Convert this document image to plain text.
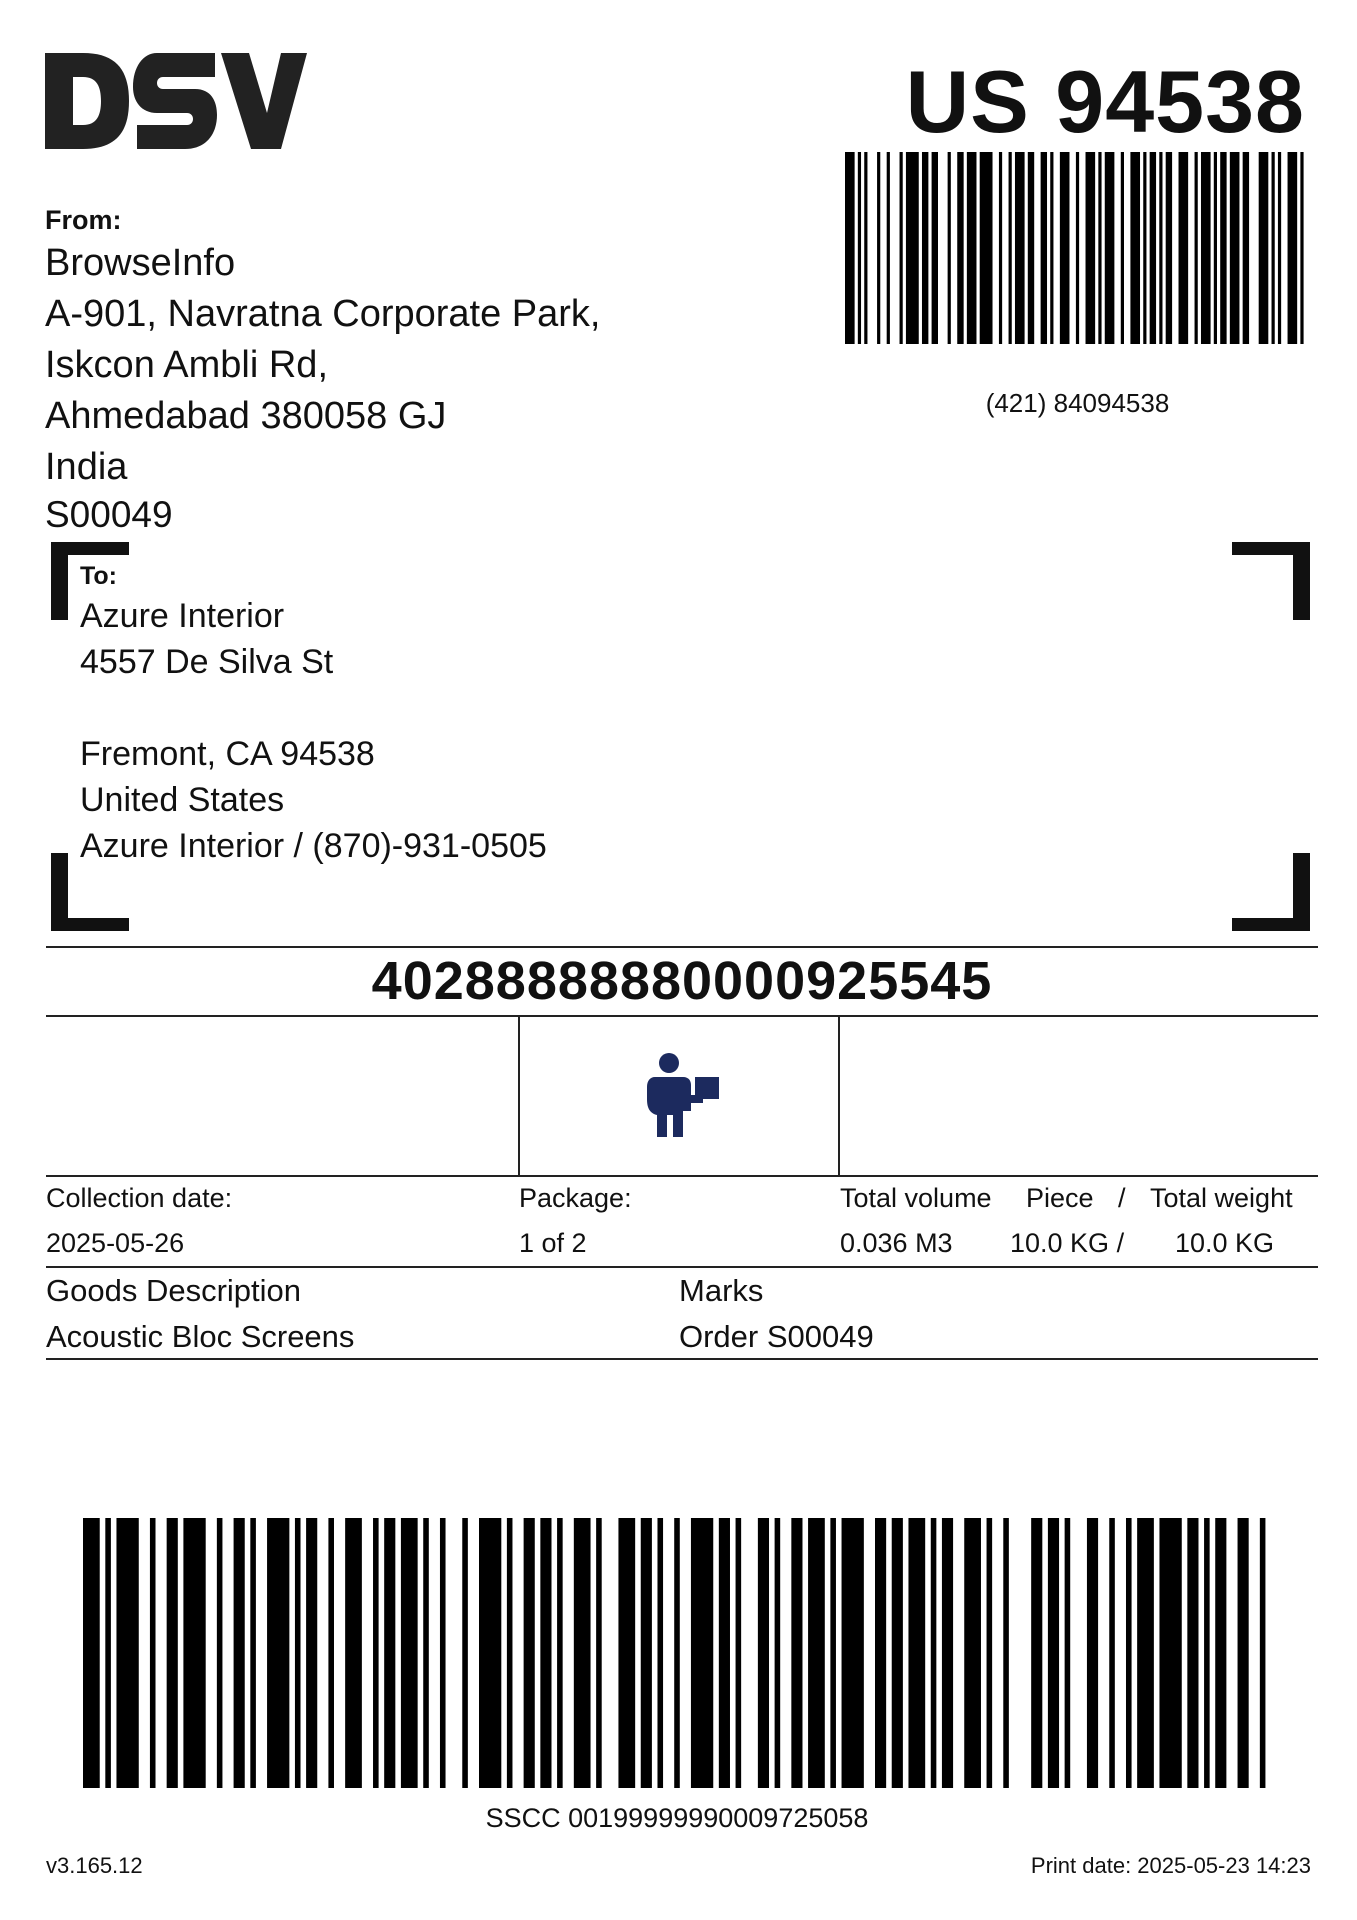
US 94538
(421) 84094538
From:
BrowseInfo
A-901, Navratna Corporate Park,
Iskcon Ambli Rd,
Ahmedabad 380058 GJ
India
S00049
To:
Azure Interior
4557 De Silva St
Fremont, CA 94538
United States
Azure Interior / (870)-931-0505
40288888880000925545
Collection date:
2025-05-26
Package:
1 of 2
Total volume
0.036 M3
Piece /
10.0 KG /
Total weight
10.0 KG
Goods Description
Acoustic Bloc Screens
Marks
Order S00049
SSCC 00199999990009725058
v3.165.12	Print date: 2025-05-23 14:23
